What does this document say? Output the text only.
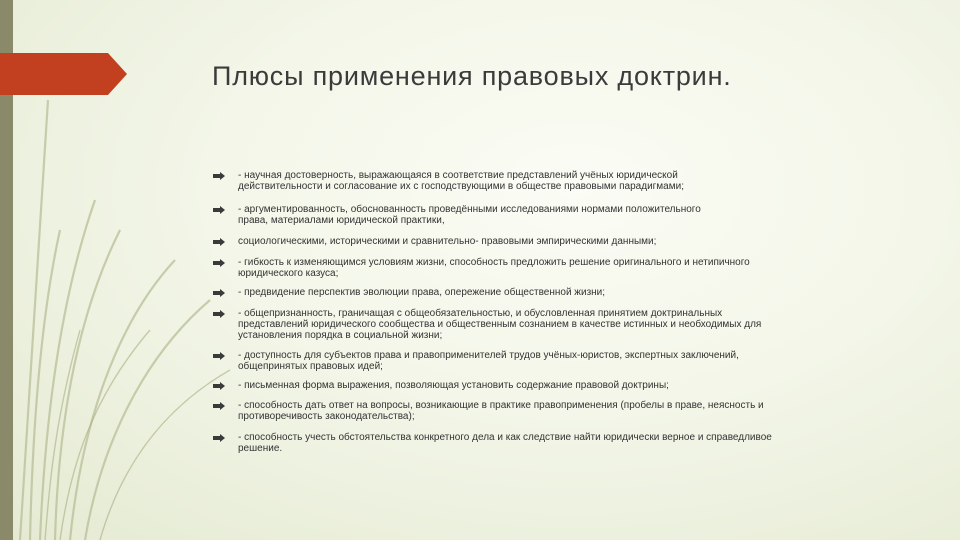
Плюсы применения правовых доктрин.
- научная достоверность, выражающаяся в соответствие представлений учёных юридической
действительности и согласование их с господствующими в обществе правовыми парадигмами;
- аргументированность, обоснованность проведёнными исследованиями нормами положительного
права, материалами юридической практики,
социологическими, историческими и сравнительно- правовыми эмпирическими данными;
- гибкость к изменяющимся условиям жизни, способность предложить решение оригинального и нетипичного
юридического казуса;
- предвидение перспектив эволюции права, опережение общественной жизни;
- общепризнанность, граничащая с общеобязательностью, и обусловленная принятием доктринальных
представлений юридического сообщества и общественным сознанием в качестве истинных и необходимых для
установления порядка в социальной жизни;
- доступность для субъектов права и правоприменителей трудов учёных-юристов, экспертных заключений,
общепринятых правовых идей;
- письменная форма выражения, позволяющая установить содержание правовой доктрины;
- способность дать ответ на вопросы, возникающие в практике правоприменения (пробелы в праве, неясность и
противоречивость законодательства);
- способность учесть обстоятельства конкретного дела и как следствие найти юридически верное и справедливое
решение.
